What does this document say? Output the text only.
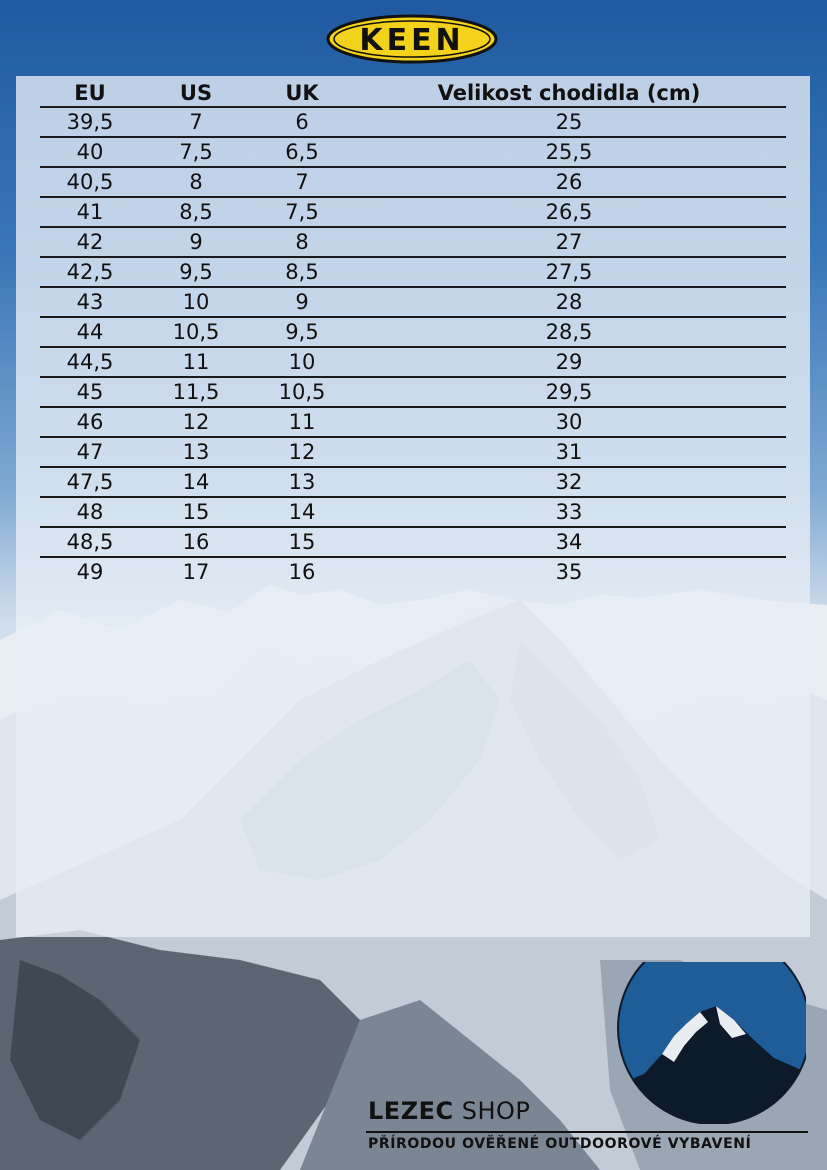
KEEN
EU	US	UK	Velikost chodidla (cm)
39,5	7	6	25
40	7,5	6,5	25,5
40,5	8	7	26
41	8,5	7,5	26,5
42	9	8	27
42,5	9,5	8,5	27,5
43	10	9	28
44	10,5	9,5	28,5
44,5	11	10	29
45	11,5	10,5	29,5
46	12	11	30
47	13	12	31
47,5	14	13	32
48	15	14	33
48,5	16	15	34
49	17	16	35
LEZEC SHOP
PŘÍRODOU OVĚŘENÉ OUTDOOROVÉ VYBAVENÍ
